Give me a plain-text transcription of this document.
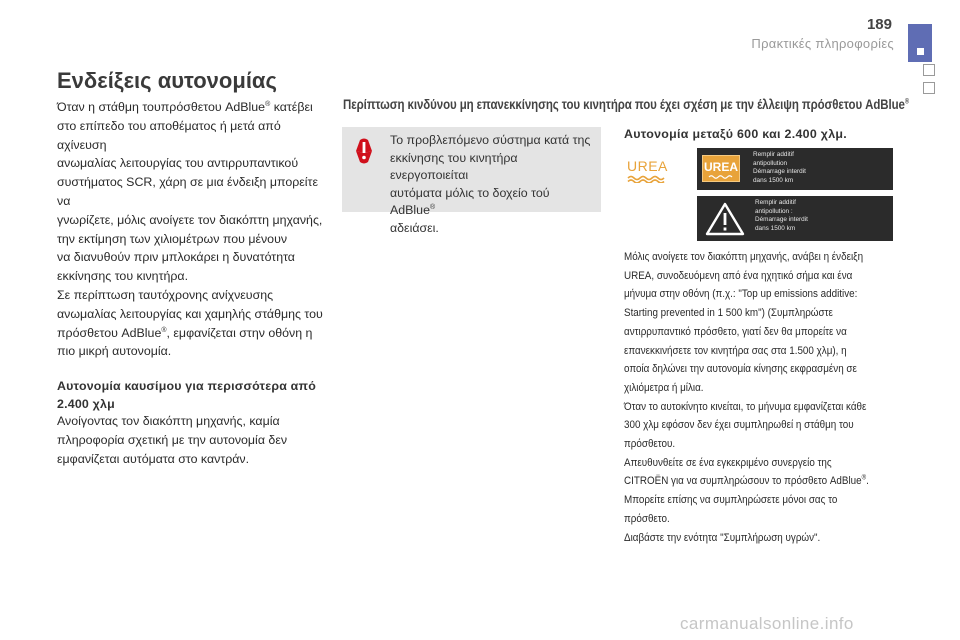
189
Πρακτικές πληροφορίες
Ενδείξεις αυτονομίας
Όταν η στάθμη τουπρόσθετου AdBlue® κατέβει
στο επίπεδο του αποθέματος ή μετά από αχίνευση
ανωμαλίας λειτουργίας του αντιρρυπαντικού
συστήματος SCR, χάρη σε μια ένδειξη μπορείτε να
γνωρίζετε, μόλις ανοίγετε τον διακόπτη μηχανής,
την εκτίμηση των χιλιομέτρων που μένουν
να διανυθούν πριν μπλοκάρει η δυνατότητα
εκκίνησης του κινητήρα.
Σε περίπτωση ταυτόχρονης ανίχνευσης
ανωμαλίας λειτουργίας και χαμηλής στάθμης του
πρόσθετου AdBlue®, εμφανίζεται στην οθόνη η
πιο μικρή αυτονομία.
Αυτονομία καυσίμου για περισσότερα από 2.400 χλμ
Ανοίγοντας τον διακόπτη μηχανής, καμία
πληροφορία σχετική με την αυτονομία δεν
εμφανίζεται αυτόματα στο καντράν.
Περίπτωση κινδύνου μη επανεκκίνησης του κινητήρα που έχει σχέση με την έλλειψη πρόσθετου AdBlue®
Το προβλεπόμενο σύστημα κατά της
εκκίνησης του κινητήρα ενεργοποιείται
αυτόματα μόλις το δοχείο τού AdBlue®
αδειάσει.
Αυτονομία μεταξύ 600 και 2.400 χλμ.
UREA	UREA
Remplir additif
antipollution
Démarrage interdit
dans 1500 km
Remplir additif
antipollution :
Démarrage interdit
dans 1500 km
Μόλις ανοίγετε τον διακόπτη μηχανής, ανάβει η ένδειξη
UREA, συνοδευόμενη από ένα ηχητικό σήμα και ένα
μήνυμα στην οθόνη (π.χ.: "Top up emissions additive:
Starting prevented in 1 500 km") (Συμπληρώστε
αντιρρυπαντικό πρόσθετο, γιατί δεν θα μπορείτε να
επανεκκινήσετε τον κινητήρα σας στα 1.500 χλμ), η
οποία δηλώνει την αυτονομία κίνησης εκφρασμένη σε
χιλιόμετρα ή μίλια.
Όταν το αυτοκίνητο κινείται, το μήνυμα εμφανίζεται κάθε
300 χλμ εφόσον δεν έχει συμπληρωθεί η στάθμη του
πρόσθετου.
Απευθυνθείτε σε ένα εγκεκριμένο συνεργείο της
CITROËN για να συμπληρώσουν το πρόσθετο AdBlue®.
Μπορείτε επίσης να συμπληρώσετε μόνοι σας το
πρόσθετο.
Διαβάστε την ενότητα "Συμπλήρωση υγρών".
carmanualsonline.info
